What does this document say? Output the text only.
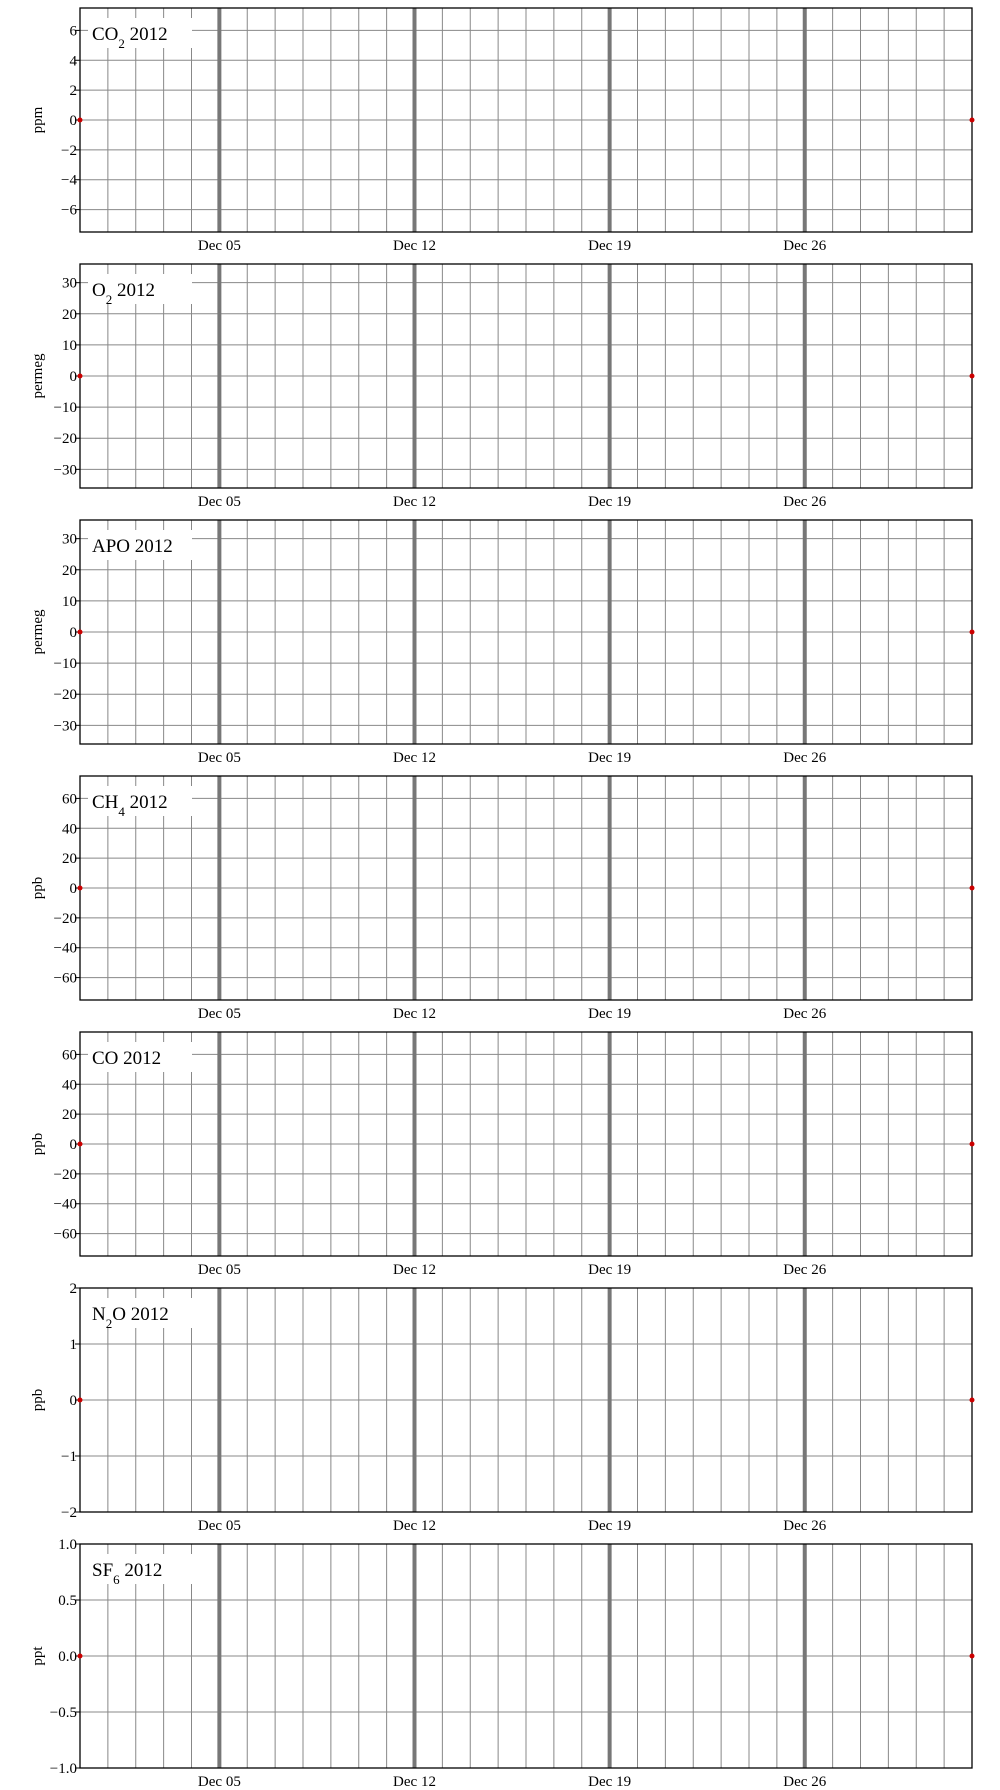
$CO_2$ 2012
6
4
2
0
−2
−4
−6
Dec 05	Dec 12	Dec 19	Dec 26
ppm
$O_2$ 2012
30
20
10
0
−10
−20
−30
Dec 05	Dec 12	Dec 19	Dec 26
permeg
APO 2012
30
20
10
0
−10
−20
−30
Dec 05	Dec 12	Dec 19	Dec 26
permeg
$CH_4$ 2012
60
40
20
0
−20
−40
−60
Dec 05	Dec 12	Dec 19	Dec 26
ppb
CO 2012
60
40
20
0
−20
−40
−60
Dec 05	Dec 12	Dec 19	Dec 26
ppb
$N_2O$ 2012
2
1
0
−1
−2
Dec 05	Dec 12	Dec 19	Dec 26
ppb
$SF_6$ 2012
1.0
0.5
0.0
−0.5
−1.0
Dec 05	Dec 12	Dec 19	Dec 26
ppt
